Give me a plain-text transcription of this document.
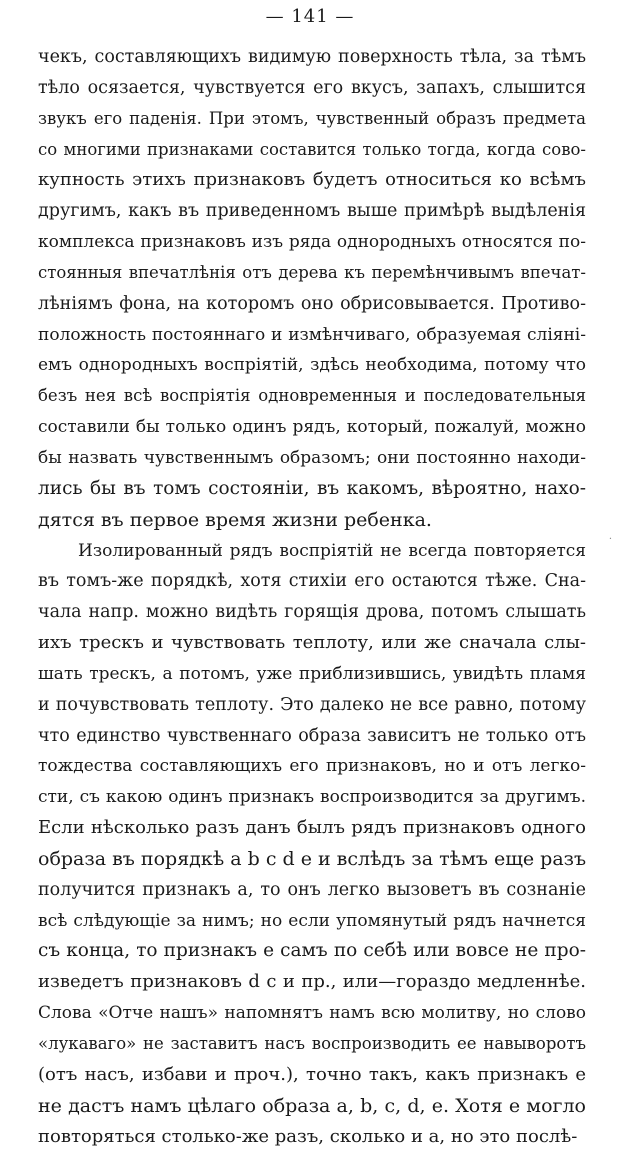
— 141 —
чекъ, составляющихъ видимую поверхность тѣла, за тѣмъ
тѣло осязается, чувствуется его вкусъ, запахъ, слышится
звукъ его паденія. При этомъ, чувственный образъ предмета
со многими признаками составится только тогда, когда сово-
купность этихъ признаковъ будетъ относиться ко всѣмъ
другимъ, какъ въ приведенномъ выше примѣрѣ выдѣленія
комплекса признаковъ изъ ряда однородныхъ относятся по-
стоянныя впечатлѣнія отъ дерева къ перемѣнчивымъ впечат-
лѣніямъ фона, на которомъ оно обрисовывается. Противо-
положность постояннаго и измѣнчиваго, образуемая сліяні-
емъ однородныхъ воспріятій, здѣсь необходима, потому что
безъ нея всѣ воспріятія одновременныя и последовательныя
составили бы только одинъ рядъ, который, пожалуй, можно
бы назвать чувственнымъ образомъ; они постоянно находи-
лись бы въ томъ состояніи, въ какомъ, вѣроятно, нахо-
дятся въ первое время жизни ребенка.
Изолированный рядъ воспріятій не всегда повторяется
въ томъ-же порядкѣ, хотя стихіи его остаются тѣже. Сна-
чала напр. можно видѣть горящія дрова, потомъ слышать
ихъ трескъ и чувствовать теплоту, или же сначала слы-
шать трескъ, а потомъ, уже приблизившись, увидѣть пламя
и почувствовать теплоту. Это далеко не все равно, потому
что единство чувственнаго образа зависитъ не только отъ
тождества составляющихъ его признаковъ, но и отъ легко-
сти, съ какою одинъ признакъ воспроизводится за другимъ.
Если нѣсколько разъ данъ былъ рядъ признаковъ одного
образа въ порядкѣ a b c d e и вслѣдъ за тѣмъ еще разъ
получится признакъ a, то онъ легко вызоветъ въ сознаніе
всѣ слѣдующіе за нимъ; но если упомянутый рядъ начнется
съ конца, то признакъ e самъ по себѣ или вовсе не про-
изведетъ признаковъ d c и пр., или—гораздо медленнѣе.
Слова «Отче нашъ» напомнятъ намъ всю молитву, но слово
«лукаваго» не заставитъ насъ воспроизводить ее навыворотъ
(отъ насъ, избави и проч.), точно такъ, какъ признакъ e
не дастъ намъ цѣлаго образа a, b, c, d, e. Хотя e могло
повторяться столько-же разъ, сколько и a, но это послѣ-
·
